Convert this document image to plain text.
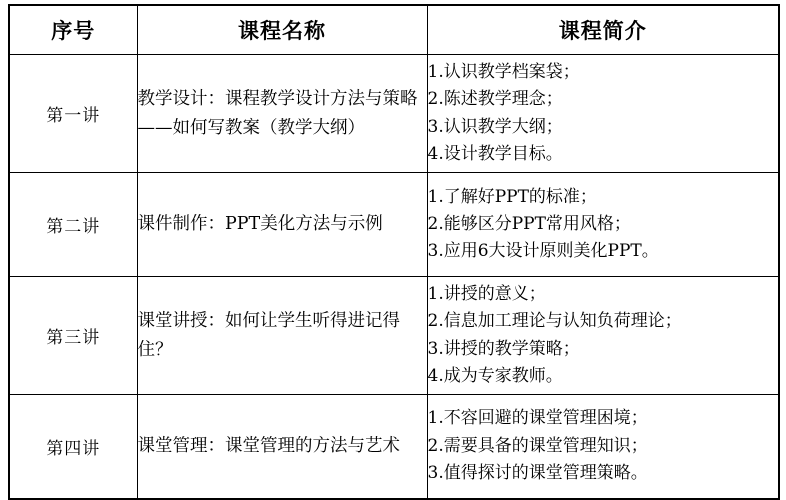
序号	课程名称	课程简介
第一讲	教学设计：课程教学设计方法与策略——如何写教案（教学大纲）	1.认识教学档案袋；
2.陈述教学理念；
3.认识教学大纲；
4.设计教学目标。

第二讲	课件制作：PPT美化方法与示例	1.了解好PPT的标准；
2.能够区分PPT常用风格；
3.应用6大设计原则美化PPT。

第三讲	课堂讲授：如何让学生听得进记得住？	1.讲授的意义；
2.信息加工理论与认知负荷理论；
3.讲授的教学策略；
4.成为专家教师。

第四讲	课堂管理：课堂管理的方法与艺术	1.不容回避的课堂管理困境；
2.需要具备的课堂管理知识；
3.值得探讨的课堂管理策略。
